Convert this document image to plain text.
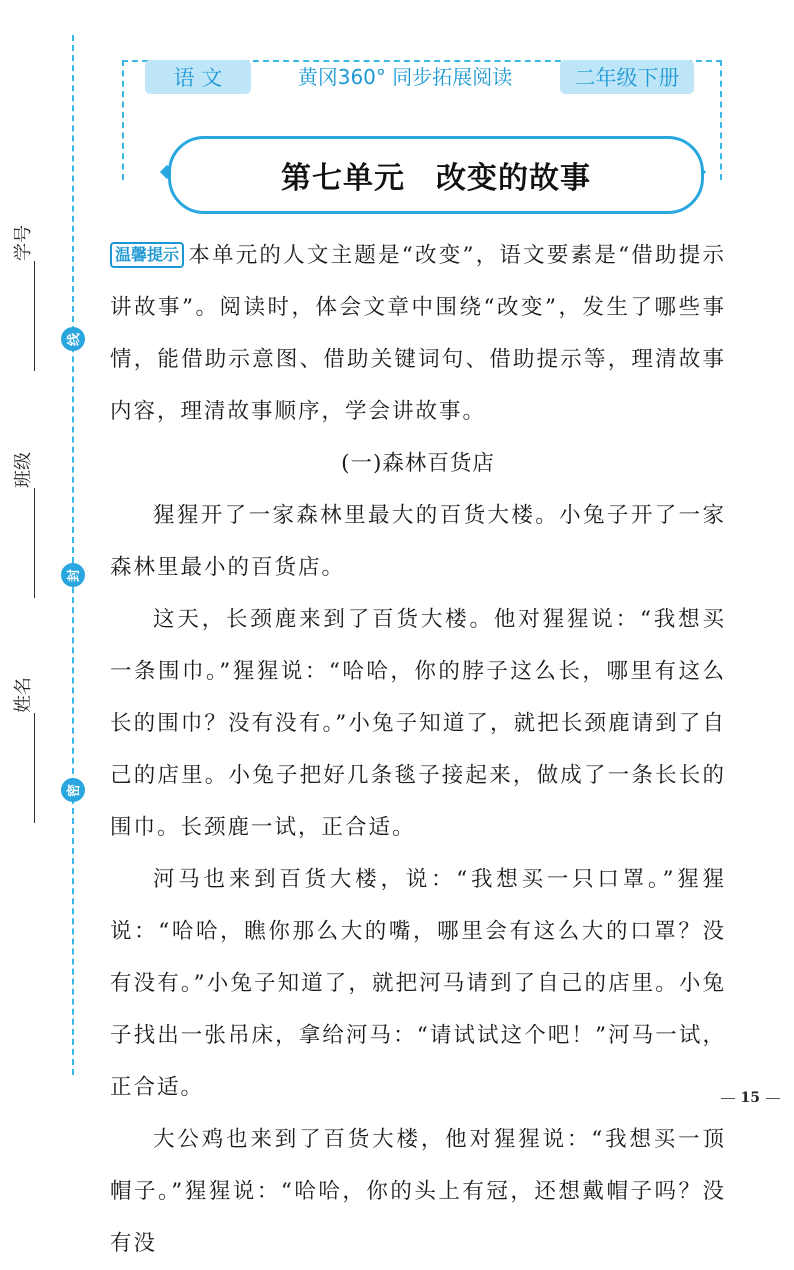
学号
班级
姓名
线
封
密
语 文	黄冈360° 同步拓展阅读	二年级下册
第七单元　改变的故事

温馨提示 本单元的人文主题是“改变”，语文要素是“借助提示讲故事”。阅读时，体会文章中围绕“改变”，发生了哪些事情，能借助示意图、借助关键词句、借助提示等，理清故事内容，理清故事顺序，学会讲故事。

(一)森林百货店

猩猩开了一家森林里最大的百货大楼。小兔子开了一家森林里最小的百货店。

这天，长颈鹿来到了百货大楼。他对猩猩说：“我想买一条围巾。”猩猩说：“哈哈，你的脖子这么长，哪里有这么长的围巾？没有没有。”小兔子知道了，就把长颈鹿请到了自己的店里。小兔子把好几条毯子接起来，做成了一条长长的围巾。长颈鹿一试，正合适。

河马也来到百货大楼，说：“我想买一只口罩。”猩猩说：“哈哈，瞧你那么大的嘴，哪里会有这么大的口罩？没有没有。”小兔子知道了，就把河马请到了自己的店里。小兔子找出一张吊床，拿给河马：“请试试这个吧！”河马一试，正合适。

大公鸡也来到了百货大楼，他对猩猩说：“我想买一顶帽子。”猩猩说：“哈哈，你的头上有冠，还想戴帽子吗？没有没

15
